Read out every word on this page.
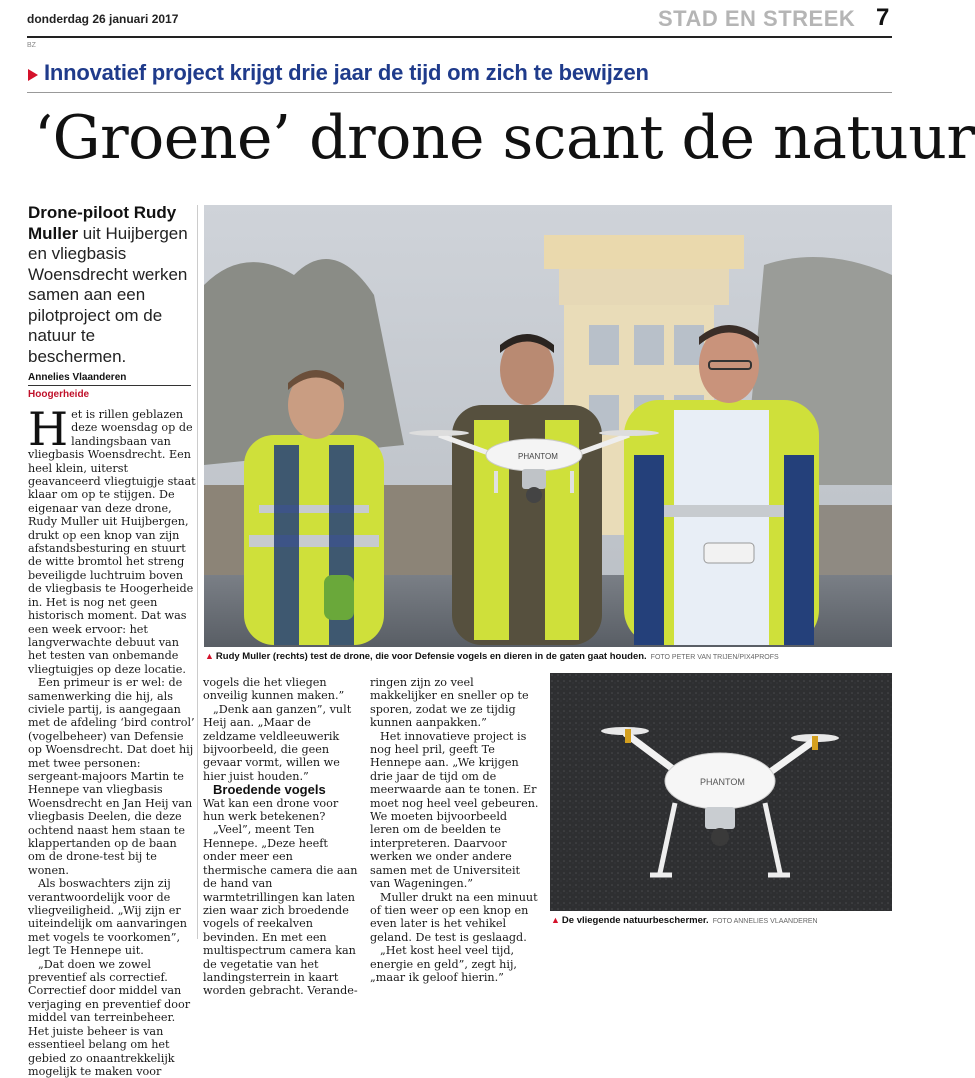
donderdag 26 januari 2017	STAD EN STREEK 7
BZ
Innovatief project krijgt drie jaar de tijd om zich te bewijzen
‘Groene’ drone scant de natuur
Drone-piloot Rudy Muller uit Huijbergen en vliegbasis Woensdrecht werken samen aan een pilotproject om de natuur te beschermen.
Annelies Vlaanderen
Hoogerheide

Het is rillen geblazen deze woensdag op de landingsbaan van vliegbasis Woensdrecht. Een heel klein, uiterst geavanceerd vliegtuigje staat klaar om op te stijgen. De eigenaar van deze drone, Rudy Muller uit Huijbergen, drukt op een knop van zijn afstandsbesturing en stuurt de witte bromtol het streng beveiligde luchtruim boven de vliegbasis te Hoogerheide in. Het is nog net geen historisch moment. Dat was een week ervoor: het langverwachte debuut van het testen van onbemande vliegtuigjes op deze locatie.

Een primeur is er wel: de samenwerking die hij, als civiele partij, is aangegaan met de afdeling ‘bird control’ (vogelbeheer) van Defensie op Woensdrecht. Dat doet hij met twee personen: sergeant-majoors Martin te Hennepe van vliegbasis Woensdrecht en Jan Heij van vliegbasis Deelen, die deze ochtend naast hem staan te klappertanden op de baan om de drone-test bij te wonen.

Als boswachters zijn zij verantwoordelijk voor de vliegveiligheid. „Wij zijn er uiteindelijk om aanvaringen met vogels te voorkomen”, legt Te Hennepe uit.

„Dat doen we zowel preventief als correctief. Correctief door middel van verjaging en preventief door middel van terreinbeheer. Het juiste beheer is van essentieel belang om het gebied zo onaantrekkelijk mogelijk te maken voor

PHANTOM
▲ Rudy Muller (rechts) test de drone, die voor Defensie vogels en dieren in de gaten gaat houden. FOTO PETER VAN TRIJEN/PIX4PROFS

vogels die het vliegen onveilig kunnen maken.”

„Denk aan ganzen”, vult Heij aan. „Maar de zeldzame veldleeuwerik bijvoorbeeld, die geen gevaar vormt, willen we hier juist houden.”

Broedende vogels

Wat kan een drone voor hun werk betekenen?

„Veel”, meent Ten Hennepe. „Deze heeft onder meer een thermische camera die aan de hand van warmtetrillingen kan laten zien waar zich broedende vogels of reekalven bevinden. En met een multispectrum camera kan de vegetatie van het landingsterrein in kaart worden gebracht. Verande-

ringen zijn zo veel makkelijker en sneller op te sporen, zodat we ze tijdig kunnen aanpakken.”

Het innovatieve project is nog heel pril, geeft Te Hennepe aan. „We krijgen drie jaar de tijd om de meerwaarde aan te tonen. Er moet nog heel veel gebeuren. We moeten bijvoorbeeld leren om de beelden te interpreteren. Daarvoor werken we onder andere samen met de Universiteit van Wageningen.”

Muller drukt na een minuut of tien weer op een knop en even later is het vehikel geland. De test is geslaagd.

„Het kost heel veel tijd, energie en geld”, zegt hij, „maar ik geloof hierin.”

PHANTOM
▲ De vliegende natuurbeschermer. FOTO ANNELIES VLAANDEREN
